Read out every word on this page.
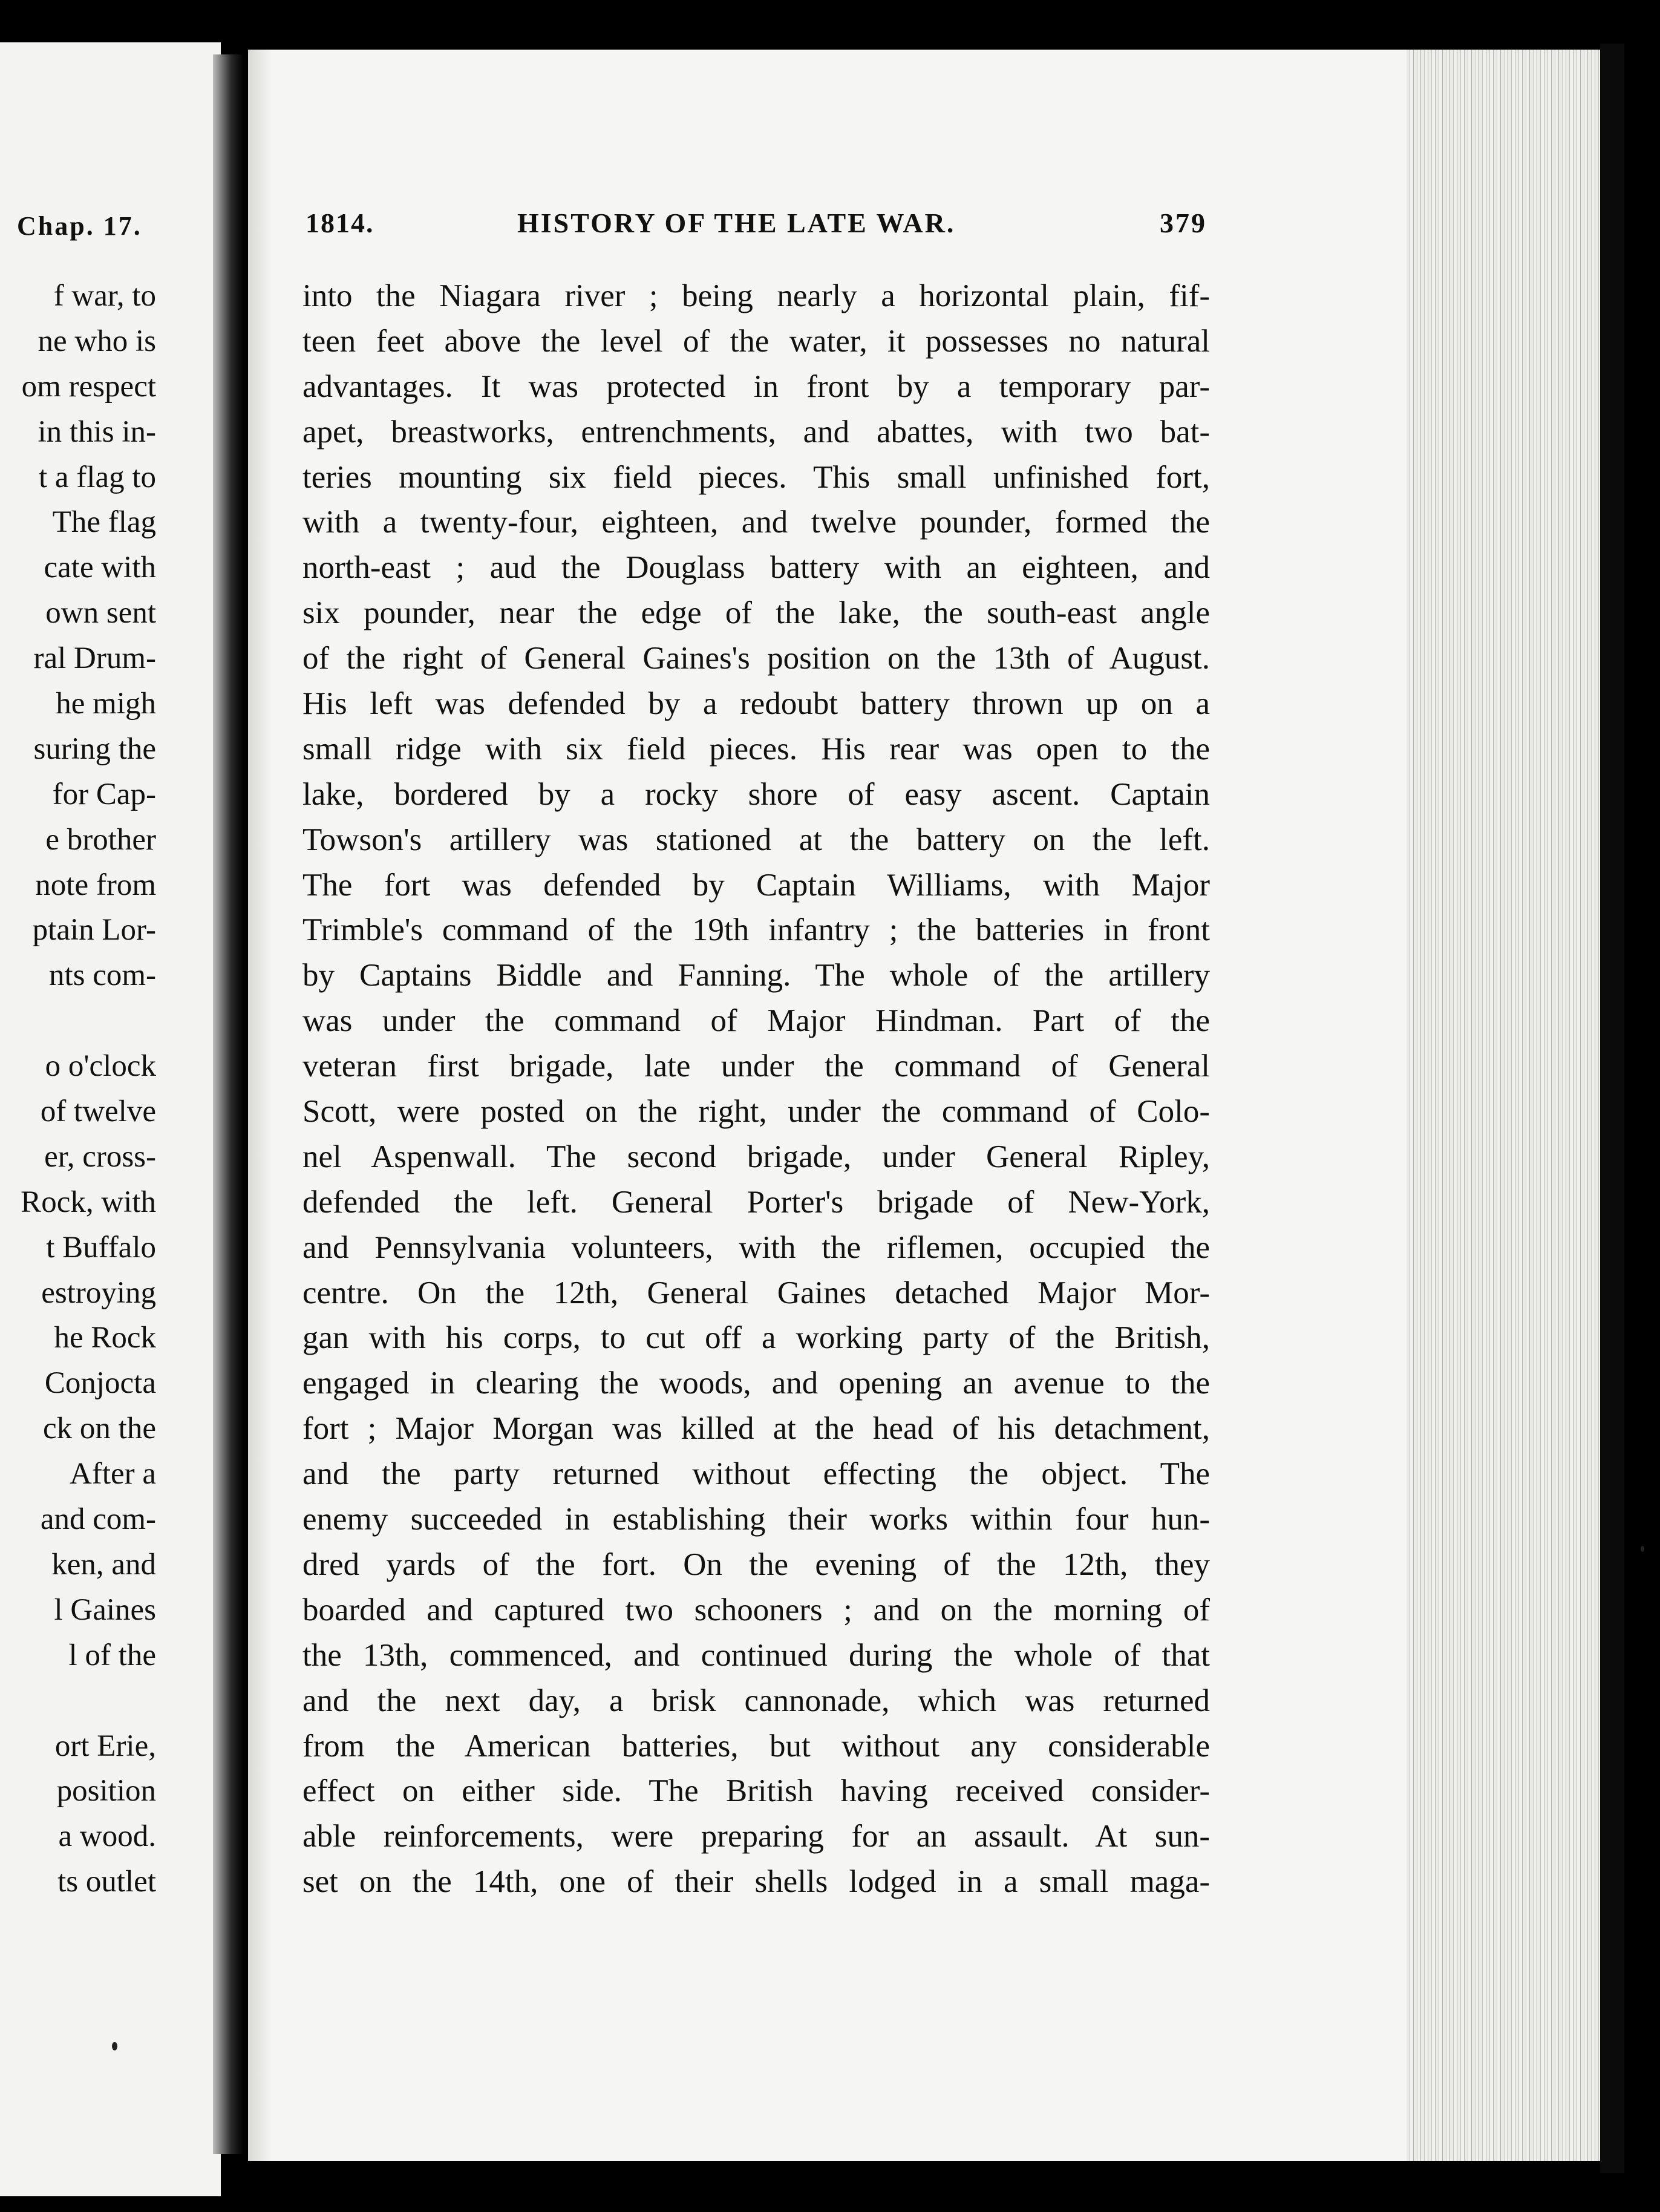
Chap. 17.
f war, to
ne who is
om respect
in this in-
t a flag to
The flag
cate with
own sent
ral Drum-
he migh
suring the
for Cap-
e brother
note from
ptain Lor-
nts com-
o o'clock
of twelve
er, cross-
Rock, with
t Buffalo
estroying
he Rock
Conjocta
ck on the
After a
and com-
ken, and
l Gaines
l of the
ort Erie,
position
a wood.
ts outlet
1814.	HISTORY OF THE LATE WAR.	379
into the Niagara river ; being nearly a horizontal plain, fif-
teen feet above the level of the water, it possesses no natural
advantages. It was protected in front by a temporary par-
apet, breastworks, entrenchments, and abattes, with two bat-
teries mounting six field pieces. This small unfinished fort,
with a twenty-four, eighteen, and twelve pounder, formed the
north-east ; aud the Douglass battery with an eighteen, and
six pounder, near the edge of the lake, the south-east angle
of the right of General Gaines's position on the 13th of August.
His left was defended by a redoubt battery thrown up on a
small ridge with six field pieces. His rear was open to the
lake, bordered by a rocky shore of easy ascent. Captain
Towson's artillery was stationed at the battery on the left.
The fort was defended by Captain Williams, with Major
Trimble's command of the 19th infantry ; the batteries in front
by Captains Biddle and Fanning. The whole of the artillery
was under the command of Major Hindman. Part of the
veteran first brigade, late under the command of General
Scott, were posted on the right, under the command of Colo-
nel Aspenwall. The second brigade, under General Ripley,
defended the left. General Porter's brigade of New-York,
and Pennsylvania volunteers, with the riflemen, occupied the
centre. On the 12th, General Gaines detached Major Mor-
gan with his corps, to cut off a working party of the British,
engaged in clearing the woods, and opening an avenue to the
fort ; Major Morgan was killed at the head of his detachment,
and the party returned without effecting the object. The
enemy succeeded in establishing their works within four hun-
dred yards of the fort. On the evening of the 12th, they
boarded and captured two schooners ; and on the morning of
the 13th, commenced, and continued during the whole of that
and the next day, a brisk cannonade, which was returned
from the American batteries, but without any considerable
effect on either side. The British having received consider-
able reinforcements, were preparing for an assault. At sun-
set on the 14th, one of their shells lodged in a small maga-
